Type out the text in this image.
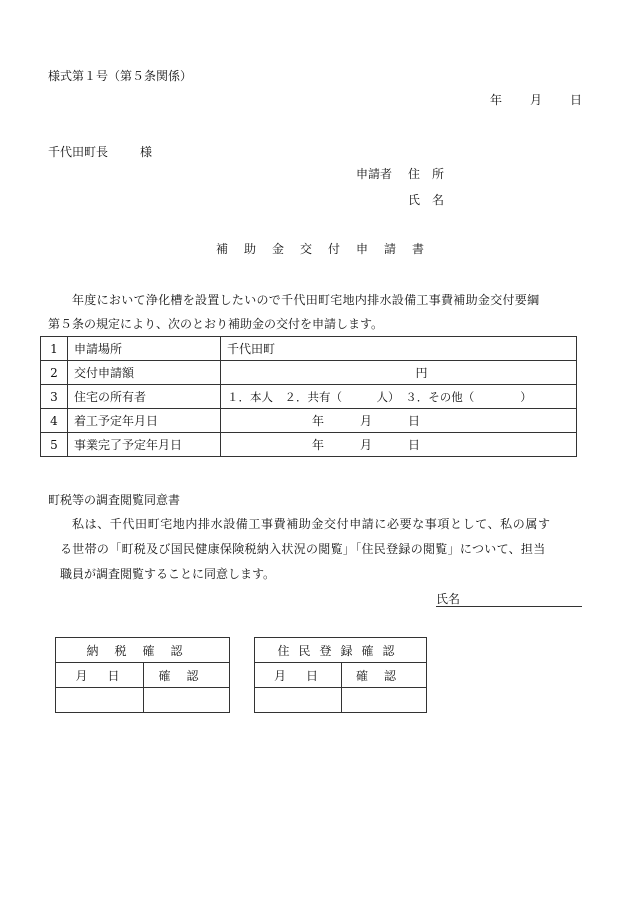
様式第１号（第５条関係）
年 月 日
千代田町長	様
申請者 住　所
氏　名
補助金交付申請書
年度において浄化槽を設置したいので千代田町宅地内排水設備工事費補助金交付要綱
第５条の規定により、次のとおり補助金の交付を申請します。
1	申請場所	千代田町
2	交付申請額	円
3	住宅の所有者	１．本人　２．共有（　　　人）　３．その他（　　　　）
4	着工予定年月日	年　　　月　　　日
5	事業完了予定年月日	年　　　月　　　日
町税等の調査閲覧同意書
私は、千代田町宅地内排水設備工事費補助金交付申請に必要な事項として、私の属す
る世帯の「町税及び国民健康保険税納入状況の閲覧」「住民登録の閲覧」について、担当
職員が調査閲覧することに同意します。
氏名
納税確認	
月　日	確認

住民登録確認	
月　日	確認
